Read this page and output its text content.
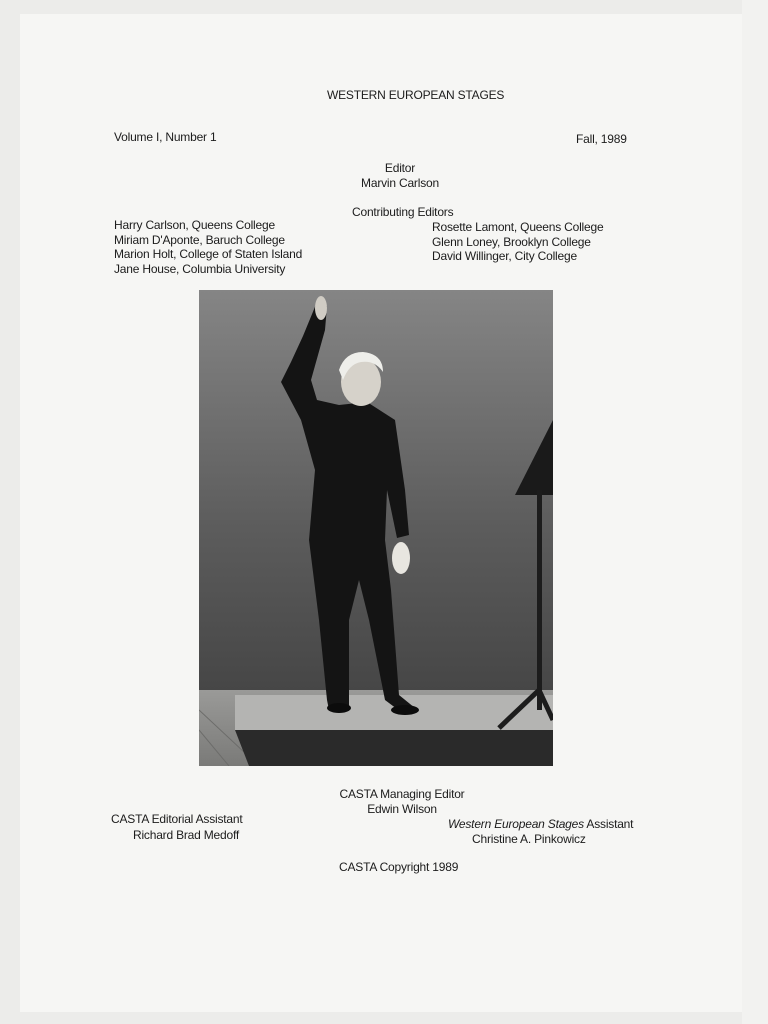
WESTERN EUROPEAN STAGES
Volume I, Number 1	Fall, 1989
Editor
Marvin Carlson
Contributing Editors
Harry Carlson, Queens College
Miriam D'Aponte, Baruch College
Marion Holt, College of Staten Island
Jane House, Columbia University
Rosette Lamont, Queens College
Glenn Loney, Brooklyn College
David Willinger, City College
CASTA Managing Editor
Edwin Wilson
CASTA Editorial Assistant
Richard Brad Medoff
Western European Stages Assistant
Christine A. Pinkowicz
CASTA Copyright 1989
